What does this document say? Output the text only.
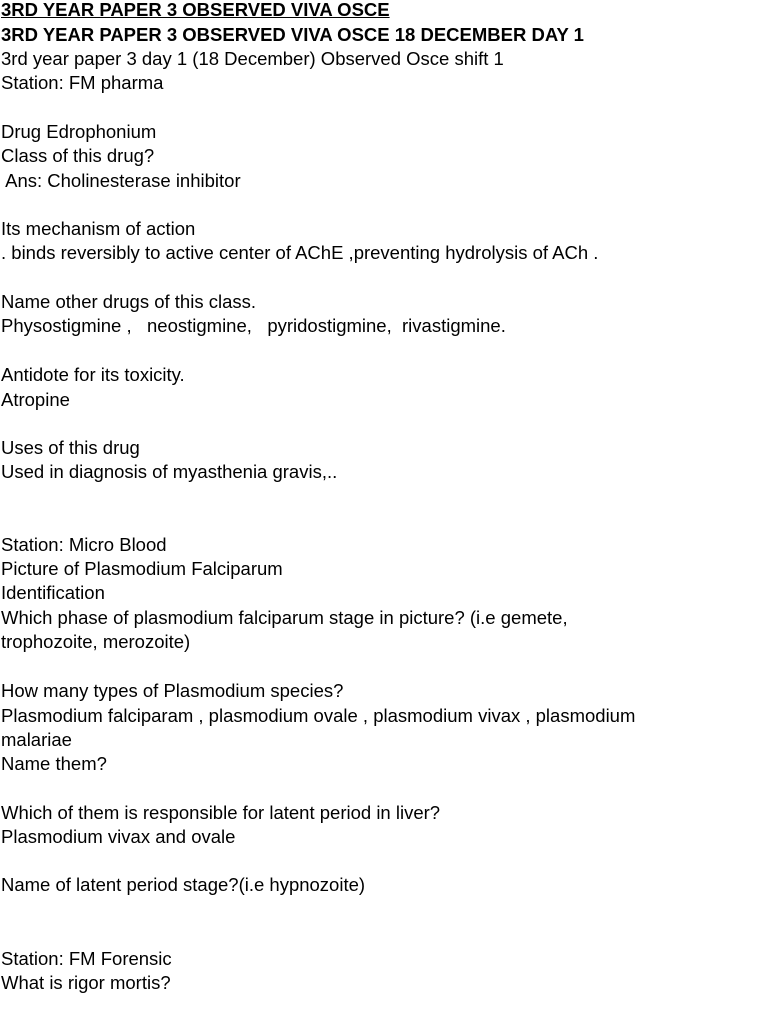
3RD YEAR PAPER 3 OBSERVED VIVA OSCE
3RD YEAR PAPER 3 OBSERVED VIVA OSCE 18 DECEMBER DAY 1
3rd year paper 3 day 1 (18 December) Observed Osce shift 1
Station: FM pharma
Drug Edrophonium
Class of this drug?
Ans: Cholinesterase inhibitor
Its mechanism of action
. binds reversibly to active center of AChE ,preventing hydrolysis of ACh .
Name other drugs of this class.
Physostigmine ,   neostigmine,   pyridostigmine,  rivastigmine.
Antidote for its toxicity.
Atropine
Uses of this drug
Used in diagnosis of myasthenia gravis,..
Station: Micro Blood
Picture of Plasmodium Falciparum
Identification
Which phase of plasmodium falciparum stage in picture? (i.e gemete,
trophozoite, merozoite)
How many types of Plasmodium species?
Plasmodium falciparam , plasmodium ovale , plasmodium vivax , plasmodium
malariae
Name them?
Which of them is responsible for latent period in liver?
Plasmodium vivax and ovale
Name of latent period stage?(i.e hypnozoite)
Station: FM Forensic
What is rigor mortis?
